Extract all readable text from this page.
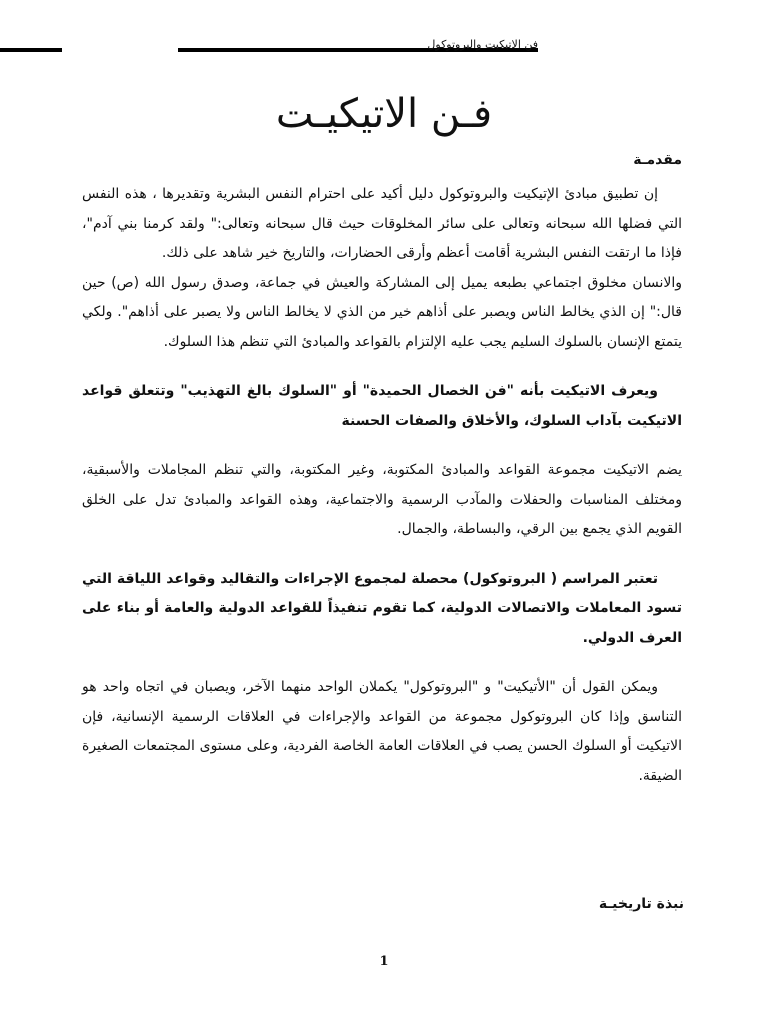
فن الاتيكيت والبروتوكول
فـن الاتيكيـت
مقدمـة

إن تطبيق مبادئ الإتيكيت والبروتوكول دليل أكيد على احترام النفس البشرية وتقديرها ، هذه النفس التي فضلها الله سبحانه وتعالى على سائر المخلوقات حيث قال سبحانه وتعالى:" ولقد كرمنا بني آدم"، فإذا ما ارتقت النفس البشرية أقامت أعظم وأرقى الحضارات، والتاريخ خير شاهد على ذلك.

والانسان مخلوق اجتماعي بطبعه يميل إلى المشاركة والعيش في جماعة، وصدق رسول الله (ص) حين قال:" إن الذي يخالط الناس ويصبر على أذاهم خير من الذي لا يخالط الناس ولا يصبر على أذاهم". ولكي يتمتع الإنسان بالسلوك السليم يجب عليه الإلتزام بالقواعد والمبادئ التي تنظم هذا السلوك.

ويعرف الاتيكيت بأنه "فن الخصال الحميدة" أو "السلوك بالغ التهذيب" وتتعلق قواعد الاتيكيت بآداب السلوك، والأخلاق والصفات الحسنة

يضم الاتيكيت مجموعة القواعد والمبادئ المكتوبة، وغير المكتوبة، والتي تنظم المجاملات والأسبقية، ومختلف المناسبات والحفلات والمآدب الرسمية والاجتماعية، وهذه القواعد والمبادئ تدل على الخلق القويم الذي يجمع بين الرقي، والبساطة، والجمال.

تعتبر المراسم ( البروتوكول) محصلة لمجموع الإجراءات والتقاليد وقواعد اللياقة التي تسود المعاملات والاتصالات الدولية، كما تقوم تنفيذاً للقواعد الدولية والعامة أو بناء على العرف الدولي.

ويمكن القول أن "الأتيكيت" و "البروتوكول" يكملان الواحد منهما الآخر، ويصبان في اتجاه واحد هو التناسق وإذا كان البروتوكول مجموعة من القواعد والإجراءات في العلاقات الرسمية الإنسانية، فإن الاتيكيت أو السلوك الحسن يصب في العلاقات العامة الخاصة الفردية، وعلى مستوى المجتمعات الصغيرة الضيقة.

نبذة تاريخيـة
1
